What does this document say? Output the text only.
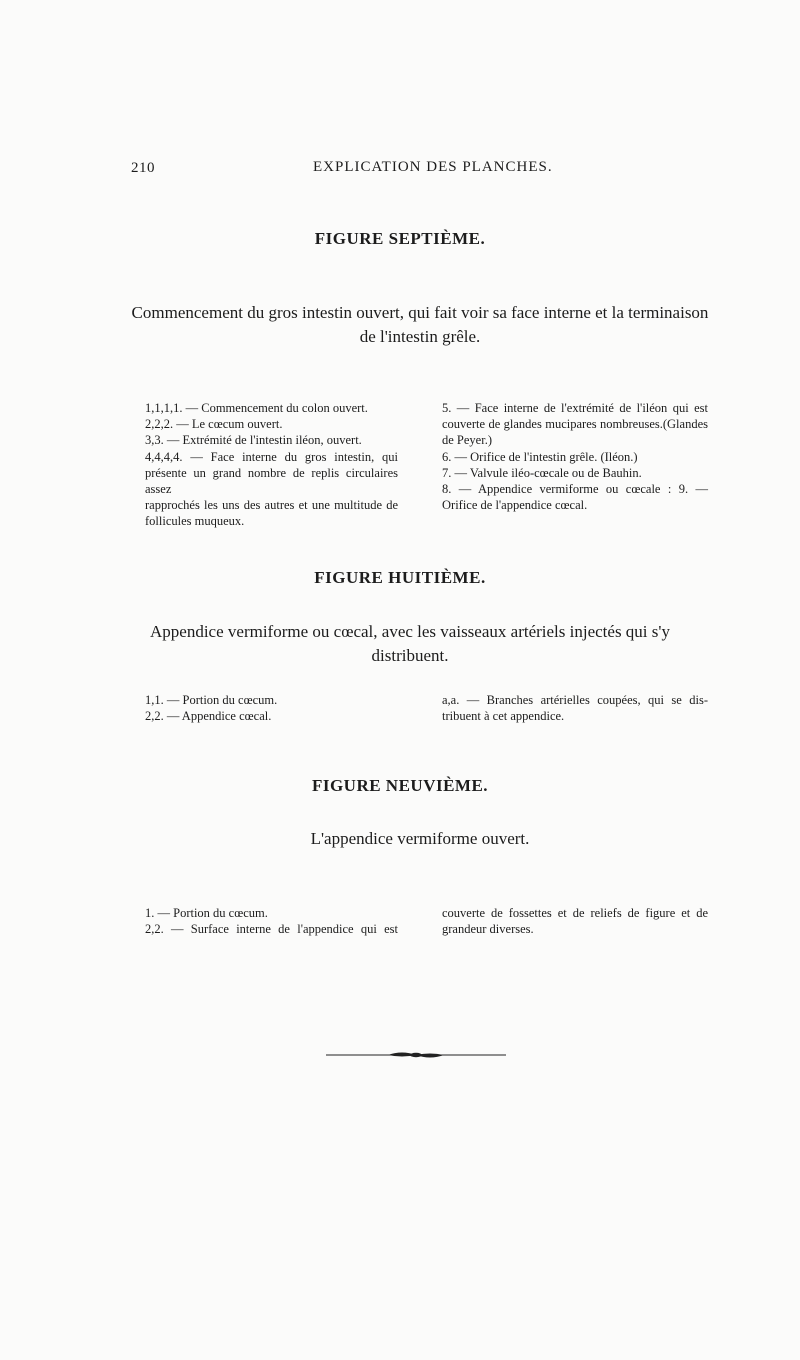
210	EXPLICATION DES PLANCHES.
FIGURE SEPTIÈME.
Commencement du gros intestin ouvert, qui fait voir sa face interne et la terminaison de l'intestin grêle.

1,1,1,1. — Commencement du colon ouvert.

2,2,2. — Le cœcum ouvert.

3,3. — Extrémité de l'intestin iléon, ouvert.

4,4,4,4. — Face interne du gros intestin, qui

présente un grand nombre de replis circulaires assez

rapprochés les uns des autres et une multitude de

follicules muqueux.

5. — Face interne de l'extrémité de l'iléon qui est

couverte de glandes mucipares nombreuses.(Glandes

de Peyer.)

6. — Orifice de l'intestin grêle. (Iléon.)

7. — Valvule iléo-cœcale ou de Bauhin.

8. — Appendice vermiforme ou cœcale : 9. —

Orifice de l'appendice cœcal.

FIGURE HUITIÈME.
Appendice vermiforme ou cœcal, avec les vaisseaux artériels injectés qui s'y distribuent.

1,1. — Portion du cœcum.

2,2. — Appendice cœcal.

a,a. — Branches artérielles coupées, qui se dis-

tribuent à cet appendice.

FIGURE NEUVIÈME.
L'appendice vermiforme ouvert.

1. — Portion du cœcum.

2,2. — Surface interne de l'appendice qui est

couverte de fossettes et de reliefs de figure et de

grandeur diverses.
